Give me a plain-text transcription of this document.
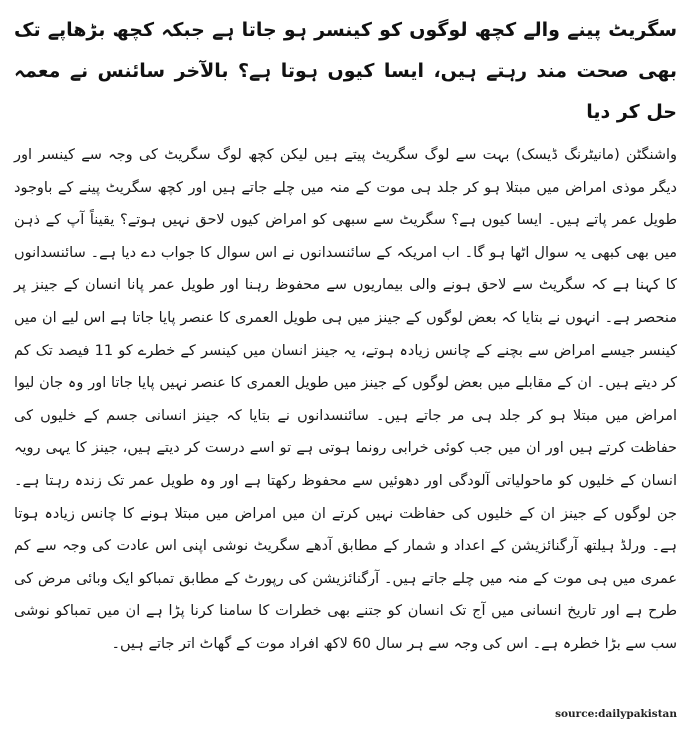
سگریٹ پینے والے کچھ لوگوں کو کینسر ہو جاتا ہے جبکہ کچھ بڑھاپے تک بھی صحت مند رہتے ہیں، ایسا کیوں ہوتا ہے؟ بالآخر سائنس نے معمہ حل کر دیا

واشنگٹن (مانیٹرنگ ڈیسک) بہت سے لوگ سگریٹ پیتے ہیں لیکن کچھ لوگ سگریٹ کی وجہ سے کینسر اور دیگر موذی امراض میں مبتلا ہو کر جلد ہی موت کے منہ میں چلے جاتے ہیں اور کچھ سگریٹ پینے کے باوجود طویل عمر پاتے ہیں۔ ایسا کیوں ہے؟ سگریٹ سے سبھی کو امراض کیوں لاحق نہیں ہوتے؟ یقیناً آپ کے ذہن میں بھی کبھی یہ سوال اٹھا ہو گا۔ اب امریکہ کے سائنسدانوں نے اس سوال کا جواب دے دیا ہے۔ سائنسدانوں کا کہنا ہے کہ سگریٹ سے لاحق ہونے والی بیماریوں سے محفوظ رہنا اور طویل عمر پانا انسان کے جینز پر منحصر ہے۔ انہوں نے بتایا کہ بعض لوگوں کے جینز میں ہی طویل العمری کا عنصر پایا جاتا ہے اس لیے ان میں کینسر جیسے امراض سے بچنے کے چانس زیادہ ہوتے، یہ جینز انسان میں کینسر کے خطرے کو 11 فیصد تک کم کر دیتے ہیں۔ ان کے مقابلے میں بعض لوگوں کے جینز میں طویل العمری کا عنصر نہیں پایا جاتا اور وہ جان لیوا امراض میں مبتلا ہو کر جلد ہی مر جاتے ہیں۔ سائنسدانوں نے بتایا کہ جینز انسانی جسم کے خلیوں کی حفاظت کرتے ہیں اور ان میں جب کوئی خرابی رونما ہوتی ہے تو اسے درست کر دیتے ہیں، جینز کا یہی رویہ انسان کے خلیوں کو ماحولیاتی آلودگی اور دھوئیں سے محفوظ رکھتا ہے اور وہ طویل عمر تک زندہ رہتا ہے۔ جن لوگوں کے جینز ان کے خلیوں کی حفاظت نہیں کرتے ان میں امراض میں مبتلا ہونے کا چانس زیادہ ہوتا ہے۔ ورلڈ ہیلتھ آرگنائزیشن کے اعداد و شمار کے مطابق آدھے سگریٹ نوشی اپنی اس عادت کی وجہ سے کم عمری میں ہی موت کے منہ میں چلے جاتے ہیں۔ آرگنائزیشن کی رپورٹ کے مطابق تمباکو ایک وبائی مرض کی طرح ہے اور تاریخ انسانی میں آج تک انسان کو جتنے بھی خطرات کا سامنا کرنا پڑا ہے ان میں تمباکو نوشی سب سے بڑا خطرہ ہے۔ اس کی وجہ سے ہر سال 60 لاکھ افراد موت کے گھاٹ اتر جاتے ہیں۔

source:dailypakistan
